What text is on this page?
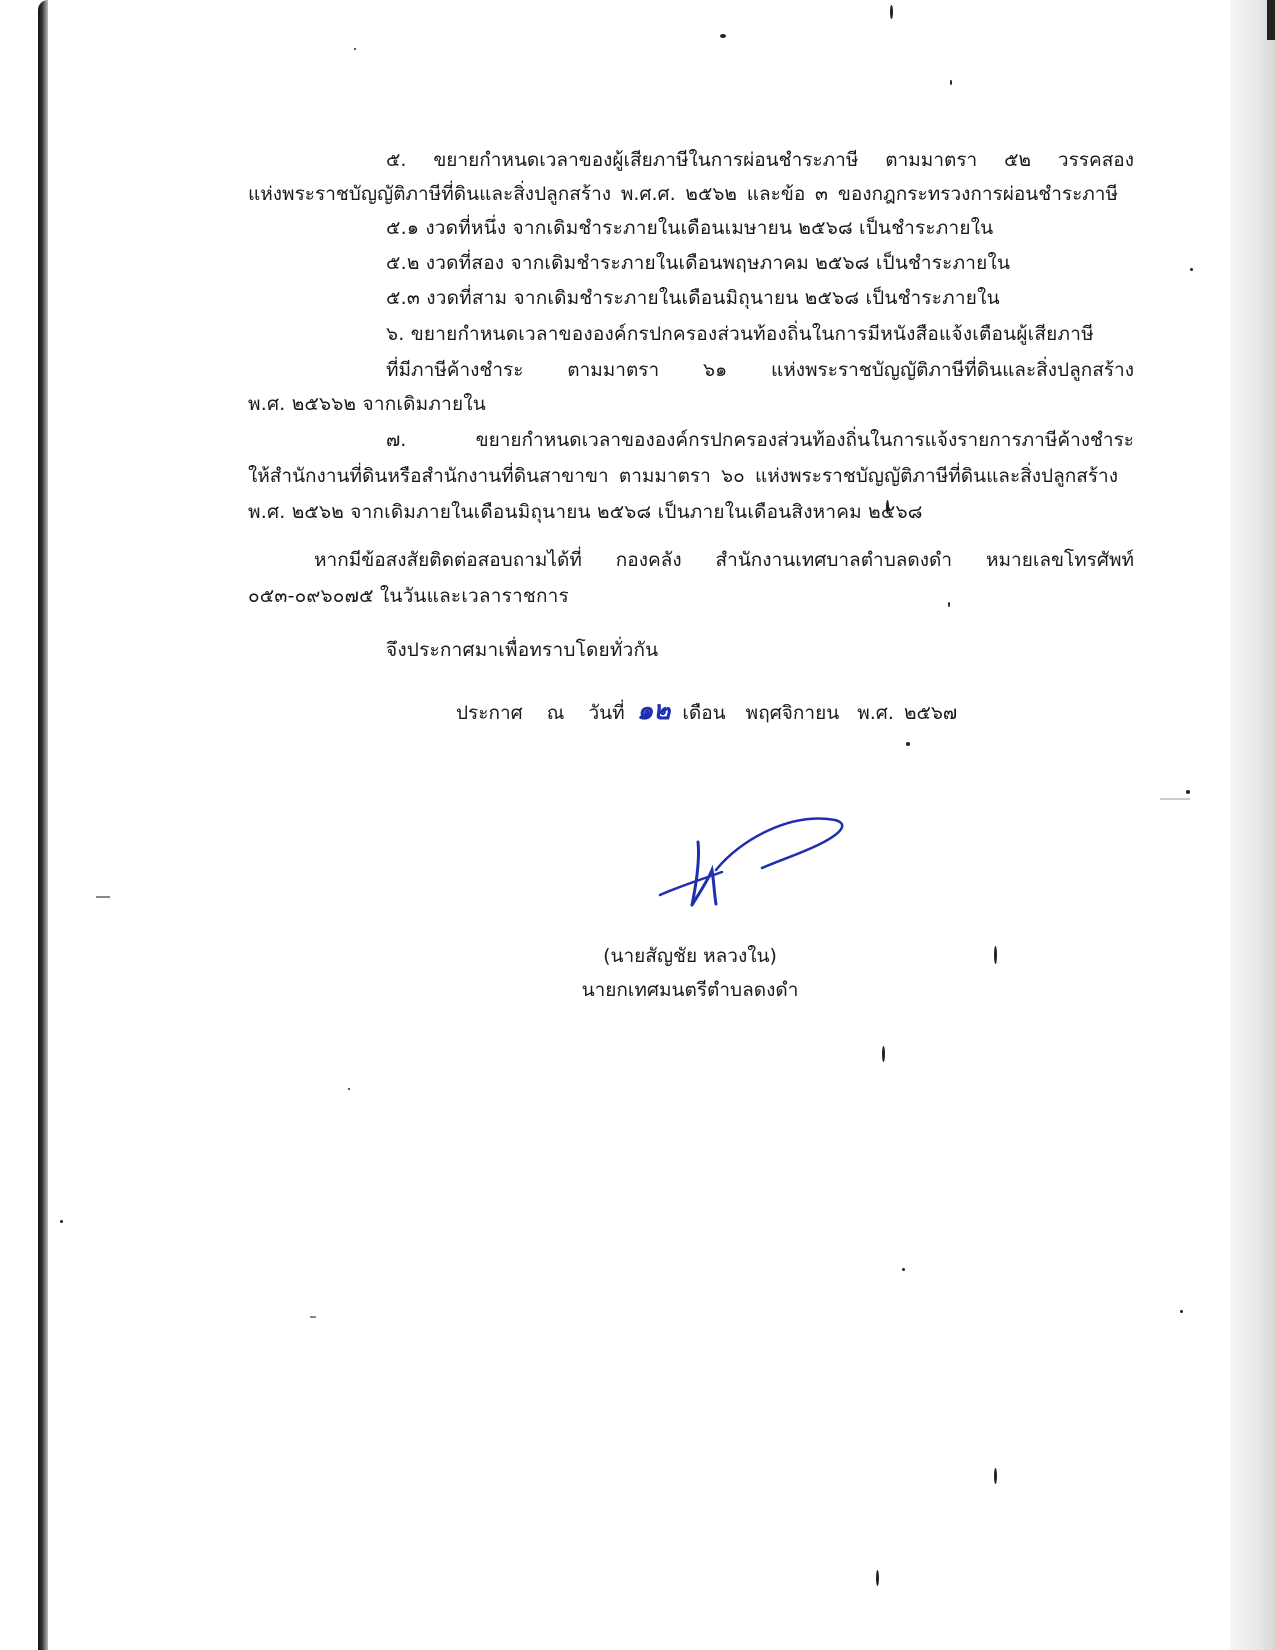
๕. ขยายกำหนดเวลาของผู้เสียภาษีในการผ่อนชำระภาษี ตามมาตรา ๕๒ วรรคสอง
แห่งพระราชบัญญัติภาษีที่ดินและสิ่งปลูกสร้าง พ.ศ.ศ. ๒๕๖๒ และข้อ ๓ ของกฎกระทรวงการผ่อนชำระภาษี
๕.๑ งวดที่หนึ่ง จากเดิมชำระภายในเดือนเมษายน ๒๕๖๘ เป็นชำระภายใน
๕.๒ งวดที่สอง จากเดิมชำระภายในเดือนพฤษภาคม ๒๕๖๘ เป็นชำระภายใน
๕.๓ งวดที่สาม จากเดิมชำระภายในเดือนมิถุนายน ๒๕๖๘ เป็นชำระภายใน
๖. ขยายกำหนดเวลาขององค์กรปกครองส่วนท้องถิ่นในการมีหนังสือแจ้งเตือนผู้เสียภาษี
ที่มีภาษีค้างชำระ ตามมาตรา ๖๑ แห่งพระราชบัญญัติภาษีที่ดินและสิ่งปลูกสร้าง
พ.ศ. ๒๕๖๖๒ จากเดิมภายใน
๗. ขยายกำหนดเวลาขององค์กรปกครองส่วนท้องถิ่นในการแจ้งรายการภาษีค้างชำระ
ให้สำนักงานที่ดินหรือสำนักงานที่ดินสาขาขา ตามมาตรา ๖๐ แห่งพระราชบัญญัติภาษีที่ดินและสิ่งปลูกสร้าง
พ.ศ. ๒๕๖๒ จากเดิมภายในเดือนมิถุนายน ๒๕๖๘ เป็นภายในเดือนสิงหาคม ๒๕๖๘
หากมีข้อสงสัยติดต่อสอบถามได้ที่ กองคลัง สำนักงานเทศบาลตำบลดงดำ หมายเลขโทรศัพท์
๐๕๓-๐๙๖๐๗๕ ในวันและเวลาราชการ
จึงประกาศมาเพื่อทราบโดยทั่วกัน
ประกาศ ณ วันที่ ๑๒ เดือน พฤศจิกายน พ.ศ. ๒๕๖๗
(นายสัญชัย หลวงใน)
นายกเทศมนตรีตำบลดงดำ
